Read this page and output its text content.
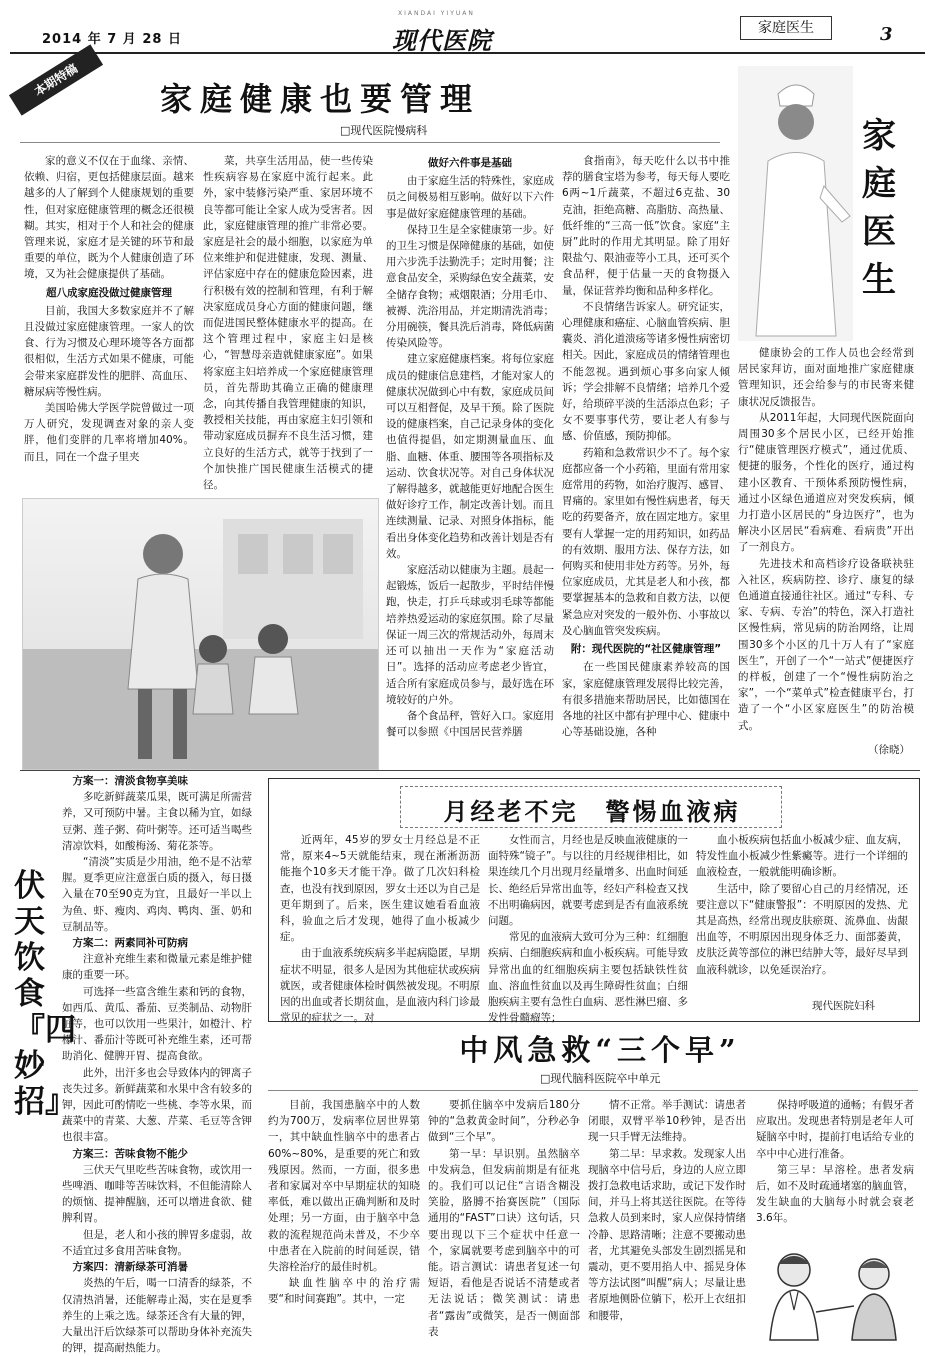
2014 年 7 月 28 日
XIANDAI YIYUAN
现代医院	家庭医生	3
本期特稿	家庭健康也要管理
□现代医院慢病科

家的意义不仅在于血缘、亲情、依赖、归宿，更包括健康层面。越来越多的人了解到个人健康规划的重要性，但对家庭健康管理的概念还很模糊。其实，相对于个人和社会的健康管理来说，家庭才是关键的环节和最重要的单位，既为个人健康创造了环境，又为社会健康提供了基础。

超八成家庭没做过健康管理

目前，我国大多数家庭并不了解且没做过家庭健康管理。一家人的饮食、行为习惯及心理环境等各方面都很相似，生活方式如果不健康，可能会带来家庭群发性的肥胖、高血压、糖尿病等慢性病。

美国哈佛大学医学院曾做过一项万人研究，发现调查对象的亲人变胖，他们变胖的几率将增加40%。而且，同在一个盘子里夹

菜，共享生活用品，使一些传染性疾病容易在家庭中流行起来。此外，家中装修污染严重、家居环境不良等都可能让全家人成为受害者。因此，家庭健康管理的推广非常必要。家庭是社会的最小细胞，以家庭为单位来维护和促进健康，发现、测量、评估家庭中存在的健康危险因素，进行积极有效的控制和管理，有利于解决家庭成员身心方面的健康问题，继而促进国民整体健康水平的提高。在这个管理过程中，家庭主妇是核心，“智慧母亲造就健康家庭”。如果将家庭主妇培养成一个家庭健康管理员，首先帮助其确立正确的健康理念，向其传播自我管理健康的知识，教授相关技能，再由家庭主妇引领和带动家庭成员摒弃不良生活习惯，建立良好的生活方式，就等于找到了一个加快推广国民健康生活模式的捷径。

做好六件事是基础

由于家庭生活的特殊性，家庭成员之间极易相互影响。做好以下六件事是做好家庭健康管理的基础。

保持卫生是全家健康第一步。好的卫生习惯是保障健康的基础，如使用六步洗手法勤洗手；定时用餐；注意食品安全，采购绿色安全蔬菜，安全储存食物；戒烟限酒；分用毛巾、被褥、洗浴用品，并定期清洗消毒；分用碗筷，餐具洗后消毒，降低病菌传染风险等。

建立家庭健康档案。将每位家庭成员的健康信息建档，才能对家人的健康状况做到心中有数，家庭成员间可以互相督促，及早干预。除了医院设的健康档案，自己记录身体的变化也值得提倡，如定期测量血压、血脂、血糖、体重、腰围等各项指标及运动、饮食状况等。对自己身体状况了解得越多，就越能更好地配合医生做好诊疗工作，制定改善计划。而且连续测量、记录、对照身体指标，能看出身体变化趋势和改善计划是否有效。

家庭活动以健康为主题。晨起一起锻炼，饭后一起散步，平时结伴慢跑，快走，打乒乓球或羽毛球等都能培养热爱运动的家庭氛围。除了尽量保证一周三次的常规活动外，每周末还可以抽出一天作为“家庭活动日”。选择的活动应考虑老少皆宜，适合所有家庭成员参与，最好选在环境较好的户外。

备个食品秤，管好入口。家庭用餐可以参照《中国居民营养膳

食指南》，每天吃什么以书中推荐的膳食宝塔为参考，每天每人要吃6两~1斤蔬菜，不超过6克盐、30克油，拒绝高糖、高脂肪、高热量、低纤维的“三高一低”饮食。家庭“主厨”此时的作用尤其明显。除了用好限盐勺、限油壶等小工具，还可买个食品秤，便于估量一天的食物摄入量，保证营养均衡和品种多样化。

不良情绪告诉家人。研究证实，心理健康和癌症、心脑血管疾病、胆囊炎、消化道溃疡等诸多慢性病密切相关。因此，家庭成员的情绪管理也不能忽视。遇到烦心事多向家人倾诉；学会排解不良情绪；培养几个爱好，给琐碎平淡的生活添点色彩；子女不要事事代劳，要让老人有参与感、价值感，预防抑郁。

药箱和急救常识少不了。每个家庭都应备一个小药箱，里面有常用家庭常用的药物，如治疗腹泻、感冒、胃痛的。家里如有慢性病患者，每天吃的药要备齐，放在固定地方。家里要有人掌握一定的用药知识，如药品的有效期、服用方法、保存方法，如何购买和使用非处方药等。另外，每位家庭成员，尤其是老人和小孩，都要掌握基本的急救和自救方法，以便紧急应对突发的一般外伤、小事故以及心脑血管突发疾病。

附：现代医院的“社区健康管理”

在一些国民健康素养较高的国家，家庭健康管理发展得比较完善，有很多措施来帮助居民，比如德国在各地的社区中都有护理中心、健康中心等基础设施，各种

家庭医生

健康协会的工作人员也会经常到居民家拜访，面对面地推广家庭健康管理知识，还会给参与的市民寄来健康状况反馈报告。

从2011年起，大同现代医院面向周围30多个居民小区，已经开始推行“健康管理医疗模式”，通过优质、便捷的服务，个性化的医疗，通过构建小区教育、干预体系预防慢性病，通过小区绿色通道应对突发疾病，倾力打造小区居民的“身边医疗”，也为解决小区居民“看病难、看病贵”开出了一剂良方。

先进技术和高档诊疗设备联袂驻入社区，疾病防控、诊疗、康复的绿色通道直接通往社区。通过“专科、专家、专病、专治”的特色，深入打造社区慢性病，常见病的防治网络，让周围30多个小区的几十万人有了“家庭医生”，开创了一个“一站式”便捷医疗的样板，创建了一个“慢性病防治之家”，一个“菜单式”检查健康平台，打造了一个“小区家庭医生”的防治模式。

（徐晓）

方案一：清淡食物享美味

多吃新鲜蔬菜瓜果，既可满足所需营养，又可预防中暑。主食以稀为宜，如绿豆粥、莲子粥、荷叶粥等。还可适当喝些清凉饮料，如酸梅汤、菊花茶等。

“清淡”实质是少用油，绝不是不沾荤腥。夏季更应注意蛋白质的摄入，每日摄入量在70至90克为宜，且最好一半以上为鱼、虾、瘦肉、鸡肉、鸭肉、蛋、奶和豆制品等。

方案二：两素同补可防病

注意补充维生素和微量元素是维护健康的重要一环。

可选择一些富含维生素和钙的食物，如西瓜、黄瓜、番茄、豆类制品、动物肝脏等，也可以饮用一些果汁，如橙汁、柠檬汁、番茄汁等既可补充维生素，还可帮助消化、健脾开胃、提高食欲。

此外，出汗多也会导致体内的钾离子丧失过多。新鲜蔬菜和水果中含有较多的钾，因此可酌情吃一些桃、李等水果，而蔬菜中的青菜、大葱、芹菜、毛豆等含钾也很丰富。

方案三：苦味食物不能少

三伏天气里吃些苦味食物，或饮用一些啤酒、咖啡等苦味饮料，不但能清除人的烦恼、提神醒脑，还可以增进食欲、健脾利胃。

但是，老人和小孩的脾胃多虚弱，故不适宜过多食用苦味食物。

方案四：清新绿茶可消暑

炎热的午后，喝一口清香的绿茶，不仅清热消暑，还能解毒止渴，实在是夏季养生的上乘之选。绿茶还含有大量的钾，大量出汗后饮绿茶可以帮助身体补充流失的钾，提高耐热能力。

伏天饮食『四妙招』
月经老不完　警惕血液病

近两年，45岁的罗女士月经总是不正常，原来4~5天就能结束，现在淅淅沥沥能拖个10多天才能干净。做了几次妇科检查，也没有找到原因，罗女士还以为自己是更年期到了。后来，医生建议她看看血液科，验血之后才发现，她得了血小板减少症。

由于血液系统疾病多半起病隐匿，早期症状不明显，很多人是因为其他症状或疾病就医，或者健康体检时偶然被发现。不明原因的出血或者长期贫血，是血液内科门诊最常见的症状之一。对

女性而言，月经也是反映血液健康的一面特殊“镜子”。与以往的月经规律相比，如果连续几个月出现月经量增多、出血时间延长、绝经后异常出血等，经妇产科检查又找不出明确病因，就要考虑到是否有血液系统问题。

常见的血液病大致可分为三种：红细胞疾病、白细胞疾病和血小板疾病。可能导致异常出血的红细胞疾病主要包括缺铁性贫血、溶血性贫血以及再生障碍性贫血；白细胞疾病主要有急性白血病、恶性淋巴瘤、多发性骨髓瘤等；

血小板疾病包括血小板减少症、血友病，特发性血小板减少性紫癜等。进行一个详细的血液检查，一般就能明确诊断。

生活中，除了要留心自己的月经情况，还要注意以下“健康警报”：不明原因的发热、尤其是高热，经常出现皮肤瘀斑、流鼻血、齿龈出血等，不明原因出现身体乏力、面部萎黄，皮肤泛黄等部位的淋巴结肿大等，最好尽早到血液科就诊，以免延误治疗。

现代医院妇科
中风急救“三个早”
□现代脑科医院卒中单元

目前，我国患脑卒中的人数约为700万，发病率位居世界第一，其中缺血性脑卒中的患者占60%~80%，是重要的死亡和致残原因。然而，一方面，很多患者和家属对卒中早期症状的知晓率低，难以做出正确判断和及时处理；另一方面，由于脑卒中急救的流程规范尚未普及，不少卒中患者在入院前的时间延误，错失溶栓治疗的最佳时机。

缺血性脑卒中的治疗需要“和时间赛跑”。其中，一定

要抓住脑卒中发病后180分钟的“急救黄金时间”，分秒必争做到“三个早”。

第一早：早识别。虽然脑卒中发病急，但发病前期是有征兆的。我们可以记住“言语含糊没笑脸，胳膊不抬赛医院”（国际通用的“FAST”口诀）这句话，只要出现以下三个症状中任意一个，家属就要考虑到脑卒中的可能。语言测试：请患者复述一句短语，看他是否说话不清楚或者无法说话；微笑测试：请患者“露齿”或微笑，是否一侧面部表

情不正常。举手测试：请患者闭眼，双臂平举10秒钟，是否出现一只手臂无法维持。

第二早：早求救。发现家人出现脑卒中信号后，身边的人应立即拨打急救电话求助，或记下发作时间，并马上将其送往医院。在等待急救人员到来时，家人应保持情绪冷静、思路清晰；注意不要搬动患者，尤其避免头部发生剧烈摇晃和震动，更不要用掐人中、摇晃身体等方法试图“叫醒”病人；尽量让患者原地侧卧位躺下，松开上衣纽扣和腰带，

保持呼吸道的通畅；有假牙者应取出。发现患者特别是老年人可疑脑卒中时，提前打电话给专业的卒中中心进行准备。

第三早：早溶栓。患者发病后，如不及时疏通堵塞的脑血管，发生缺血的大脑每小时就会衰老3.6年。
